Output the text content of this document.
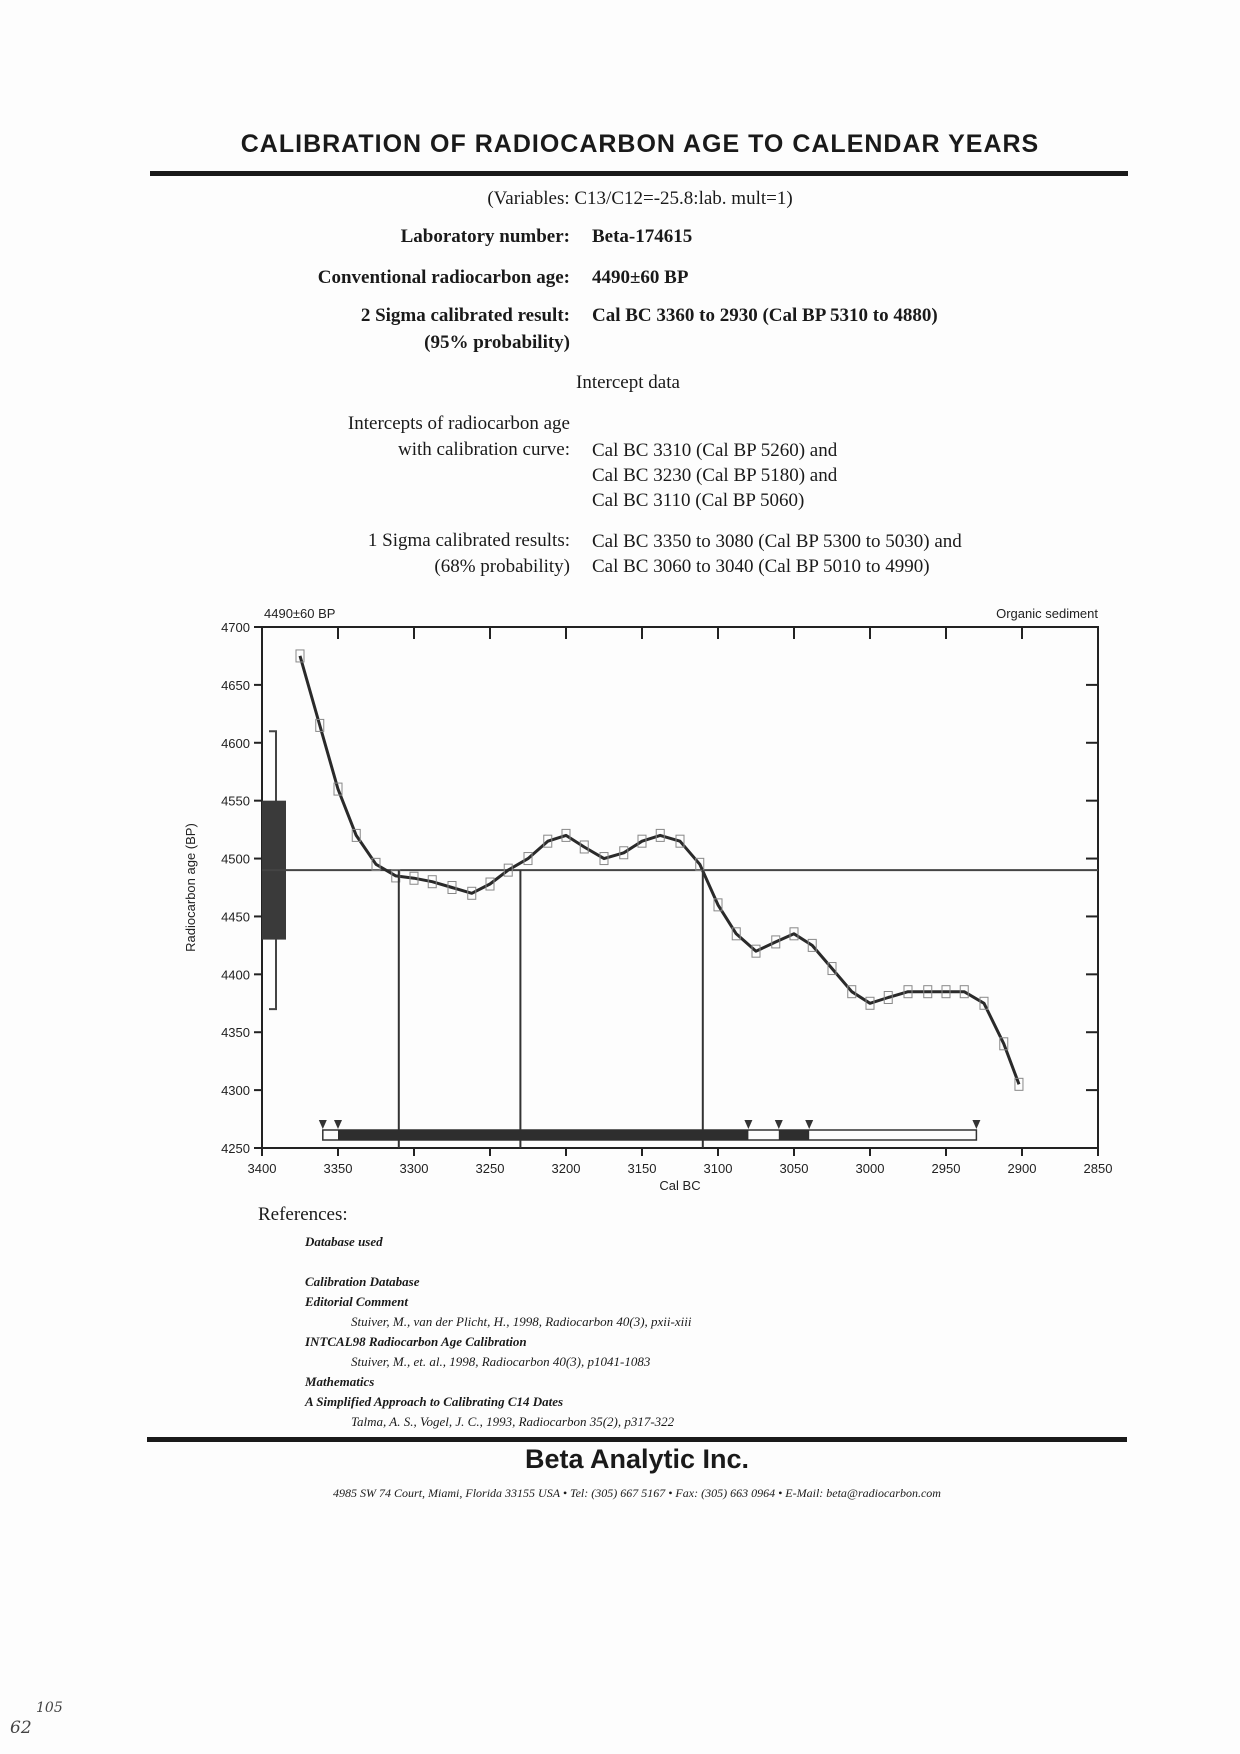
CALIBRATION OF RADIOCARBON AGE TO CALENDAR YEARS
(Variables: C13/C12=-25.8:lab. mult=1)
Laboratory number: Beta-174615
Conventional radiocarbon age: 4490±60 BP
2 Sigma calibrated result:
(95% probability)
Cal BC 3360 to 2930 (Cal BP 5310 to 4880)
Intercept data
Intercepts of radiocarbon age
with calibration curve: Cal BC 3310 (Cal BP 5260) and
Cal BC 3230 (Cal BP 5180) and
Cal BC 3110 (Cal BP 5060)
1 Sigma calibrated results:
(68% probability)
Cal BC 3350 to 3080 (Cal BP 5300 to 5030) and
Cal BC 3060 to 3040 (Cal BP 5010 to 4990)
3400	3350	3300	3250	3200	3150	3100	3050	3000	2950	2900	2850
4250
4300
4350
4400
4450
4500
4550
4600
4650
4700
4490±60 BP	Organic sediment
Cal BC
Radiocarbon age (BP)
References:
Database used
Calibration Database
Editorial Comment
Stuiver, M., van der Plicht, H., 1998, Radiocarbon 40(3), pxii-xiii
INTCAL98 Radiocarbon Age Calibration
Stuiver, M., et. al., 1998, Radiocarbon 40(3), p1041-1083
Mathematics
A Simplified Approach to Calibrating C14 Dates
Talma, A. S., Vogel, J. C., 1993, Radiocarbon 35(2), p317-322
Beta Analytic Inc.
4985 SW 74 Court, Miami, Florida 33155 USA • Tel: (305) 667 5167 • Fax: (305) 663 0964 • E-Mail: beta@radiocarbon.com
62
105
